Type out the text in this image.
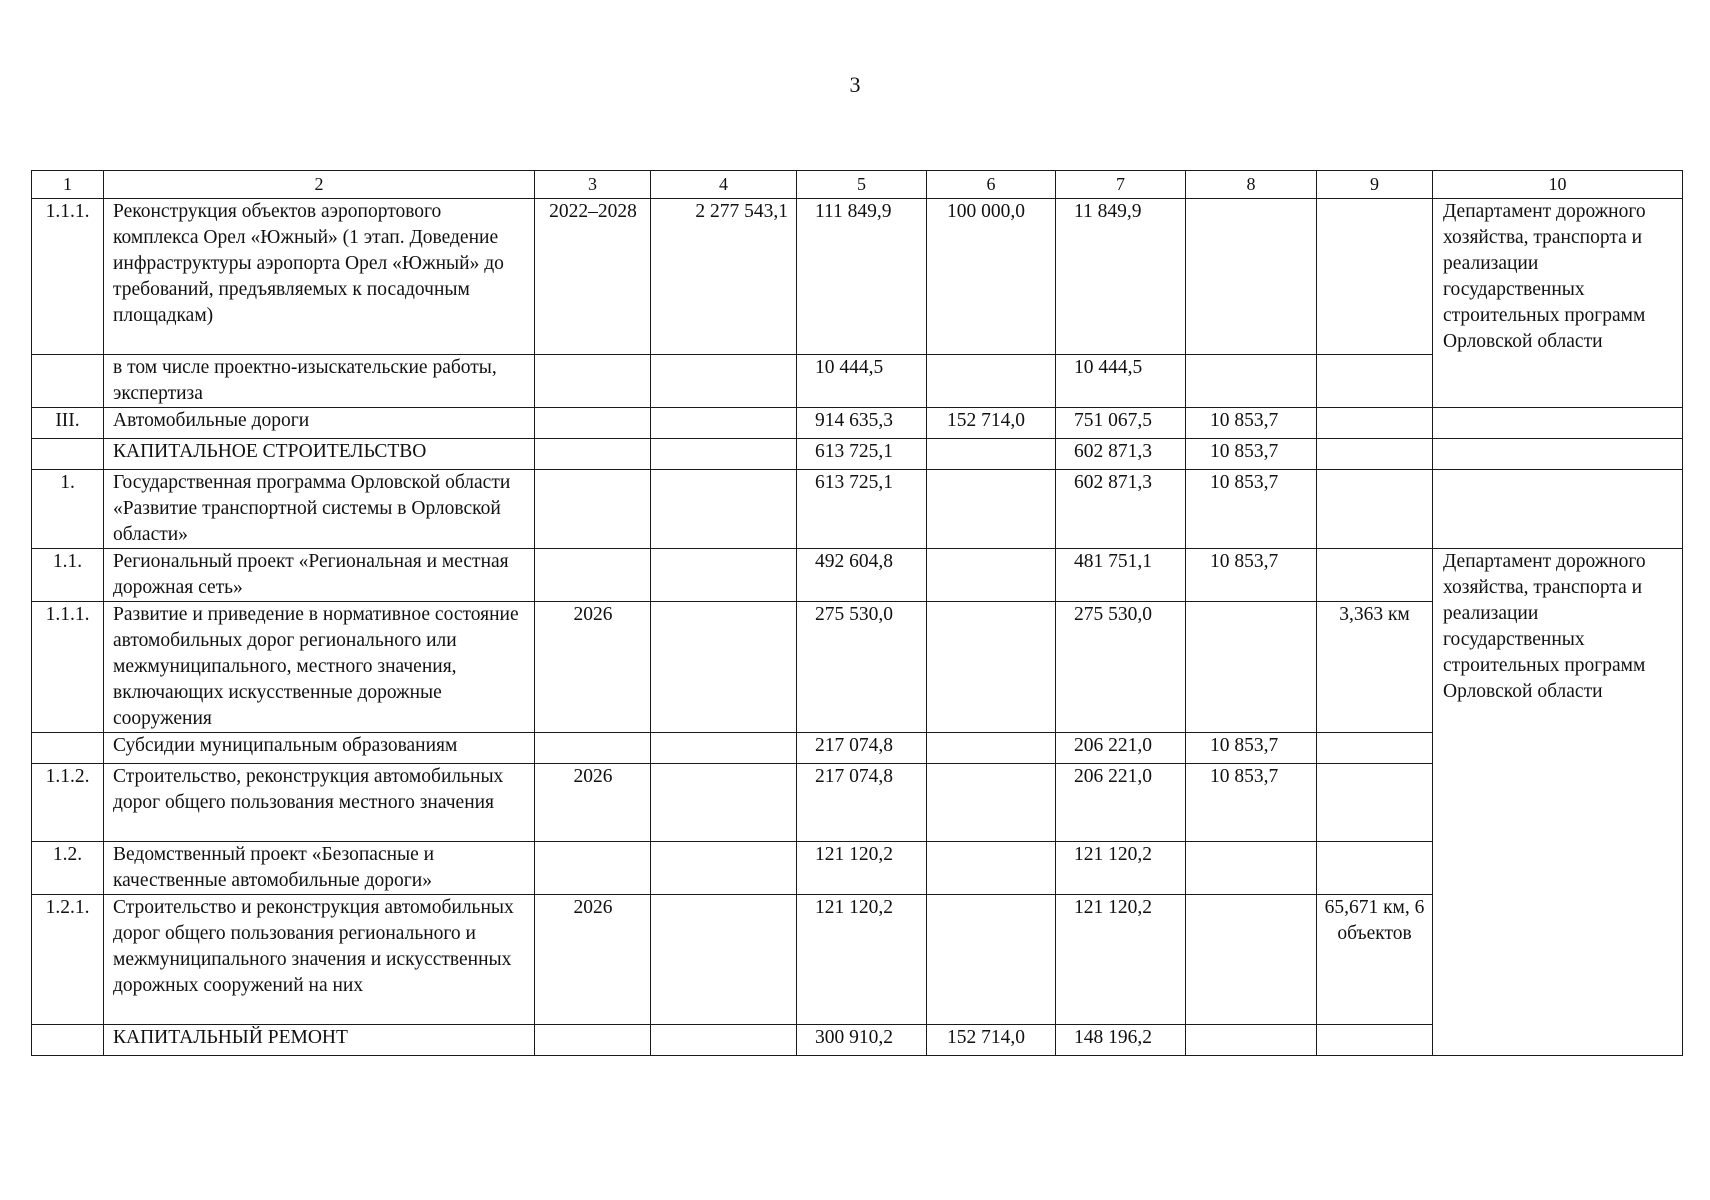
3
1	2	3	4	5	6	7	8	9	10	
1.1.1.	Реконструкция объектов аэропортового комплекса Орел «Южный» (1 этап. Доведение инфраструктуры аэропорта Орел «Южный» до требований, предъявляемых к посадочным площадкам)	2022–2028	2 277 543,1	111 849,9	100 000,0	11 849,9			Департамент дорожного хозяйства, транспорта и реализации государственных строительных программ Орловской области	
	в том числе проектно-изыскательские работы, экспертиза			10 444,5		10 444,5				
III.	Автомобильные дороги			914 635,3	152 714,0	751 067,5	10 853,7			
	КАПИТАЛЬНОЕ СТРОИТЕЛЬСТВО			613 725,1		602 871,3	10 853,7			
1.	Государственная программа Орловской области «Развитие транспортной системы в Орловской области»			613 725,1		602 871,3	10 853,7			
1.1.	Региональный проект «Региональная и местная дорожная сеть»			492 604,8		481 751,1	10 853,7		Департамент дорожного хозяйства, транспорта и реализации государственных строительных программ Орловской области	
1.1.1.	Развитие и приведение в нормативное состояние автомобильных дорог регионального или межмуниципального, местного значения, включающих искусственные дорожные сооружения	2026		275 530,0		275 530,0		3,363 км		
	Субсидии муниципальным образованиям			217 074,8		206 221,0	10 853,7			
1.1.2.	Строительство, реконструкция автомобильных дорог общего пользования местного значения	2026		217 074,8		206 221,0	10 853,7			
1.2.	Ведомственный проект «Безопасные и качественные автомобильные дороги»			121 120,2		121 120,2				
1.2.1.	Строительство и реконструкция автомобильных дорог общего пользования регионального и межмуниципального значения и искусственных дорожных сооружений на них	2026		121 120,2		121 120,2		65,671 км, 6 объектов		
	КАПИТАЛЬНЫЙ РЕМОНТ			300 910,2	152 714,0	148 196,2				
